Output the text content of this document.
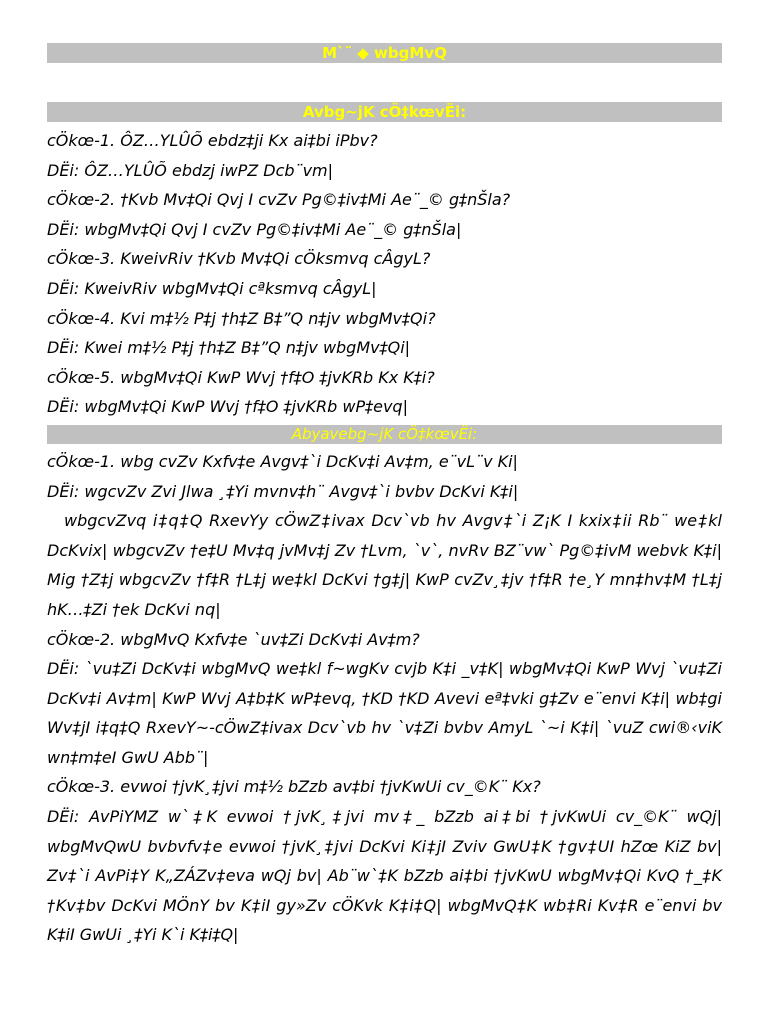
M`¨ ◆ wbgMvQ
Avbg~jK cÖ‡kœvËi:
cÖkœ-1. ÔZ…YLÛÕ ebdz‡ji Kx ai‡bi iPbv?
DËi: ÔZ…YLÛÕ ebdzj iwPZ Dcb¨vm|
cÖkœ-2. †Kvb Mv‡Qi Qvj I cvZv Pg©‡iv‡Mi Ae¨_© g‡nŠla?
DËi: wbgMv‡Qi Qvj I cvZv Pg©‡iv‡Mi Ae¨_© g‡nŠla|
cÖkœ-3. KweivRiv †Kvb Mv‡Qi cÖksmvq cÂgyL?
DËi: KweivRiv wbgMv‡Qi cªksmvq cÂgyL|
cÖkœ-4. Kvi m‡½ P‡j †h‡Z B‡”Q n‡jv wbgMv‡Qi?
DËi: Kwei m‡½ P‡j †h‡Z B‡”Q n‡jv wbgMv‡Qi|
cÖkœ-5. wbgMv‡Qi KwP Wvj †f‡O ‡jvKRb Kx K‡i?
DËi: wbgMv‡Qi KwP Wvj †f‡O ‡jvKRb wP‡evq|
Abyavebg~jK cÖ‡kœvËi:
cÖkœ-1. wbg cvZv Kxfv‡e Avgv‡`i DcKv‡i Av‡m, e¨vL¨v Ki|
DËi: wgcvZv Zvi Jlwa ¸‡Yi mvnv‡h¨ Avgv‡`i bvbv DcKvi K‡i|
wbgcvZvq i‡q‡Q RxevYy cÖwZ‡ivax Dcv`vb hv Avgv‡`i Z¡K I kxix‡ii Rb¨ we‡kl DcKvix| wbgcvZv †e‡U Mv‡q jvMv‡j Zv †Lvm, `v`, nvRv BZ¨vw` Pg©‡ivM webvk K‡i| Mig †Z‡j wbgcvZv †f‡R †L‡j we‡kl DcKvi †g‡j| KwP cvZv¸‡jv †f‡R †e¸Y mn‡hv‡M †L‡j hK…‡Zi †ek DcKvi nq|
cÖkœ-2. wbgMvQ Kxfv‡e `uv‡Zi DcKv‡i Av‡m?
DËi: `vu‡Zi DcKv‡i wbgMvQ we‡kl f~wgKv cvjb K‡i _v‡K| wbgMv‡Qi KwP Wvj `vu‡Zi DcKv‡i Av‡m| KwP Wvj A‡b‡K wP‡evq, †KD †KD Avevi eª‡vki g‡Zv e¨envi K‡i| wb‡gi Wv‡jI i‡q‡Q RxevY~-cÖwZ‡ivax Dcv`vb hv `v‡Zi bvbv AmyL `~i K‡i| `vuZ cwi®‹viK wn‡m‡eI GwU Abb¨|
cÖkœ-3. evwoi †jvK¸‡jvi m‡½ bZzb av‡bi †jvKwUi cv_©K¨ Kx?
DËi: AvPiYMZ w`‡K evwoi †jvK¸‡jvi mv‡_ bZzb ai‡bi †jvKwUi cv_©K¨ wQj| wbgMvQwU bvbvfv‡e evwoi †jvK¸‡jvi DcKvi Ki‡jI Zviv GwU‡K †gv‡UI hZœ KiZ bv| Zv‡`i AvPi‡Y K„ZÁZv‡eva wQj bv| Ab¨w`‡K bZzb ai‡bi †jvKwU wbgMv‡Qi KvQ †_‡K †Kv‡bv DcKvi MÖnY bv K‡iI gy»Zv cÖKvk K‡i‡Q| wbgMvQ‡K wb‡Ri Kv‡R e¨envi bv K‡iI GwUi ¸‡Yi K`i K‡i‡Q|
